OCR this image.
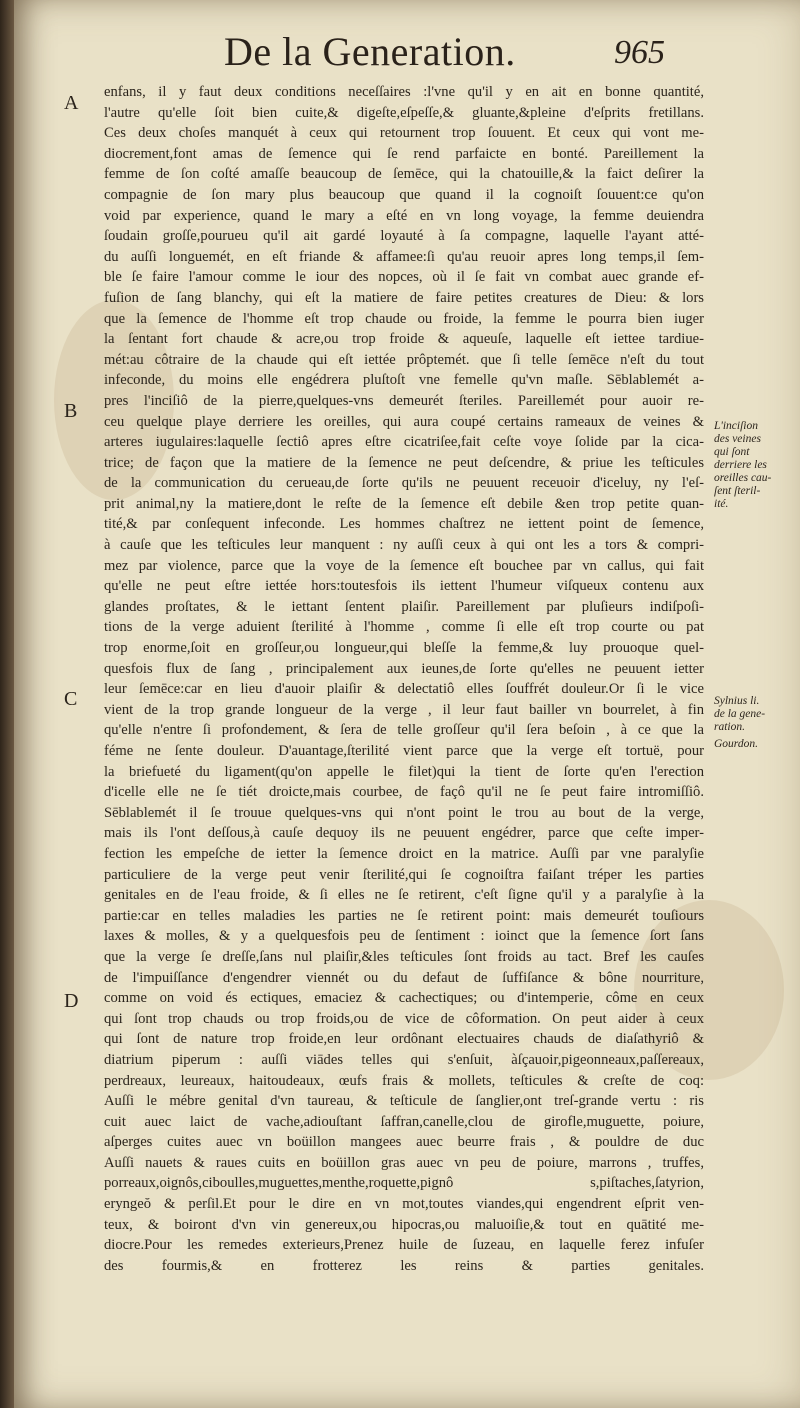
De la Generation.	965
A
B
C
D
enfans, il y faut deux conditions neceſſaires :l'vne qu'il y en ait en bonne quantité,
l'autre qu'elle ſoit bien cuite,& digeſte,eſpeſſe,& gluante,&pleine d'eſprits fretillans.
Ces deux choſes manquét à ceux qui retournent trop ſouuent. Et ceux qui vont me-
diocrement,font amas de ſemence qui ſe rend parfaicte en bonté. Pareillement la
femme de ſon coſté amaſſe beaucoup de ſemēce, qui la chatouille,& la faict deſirer la
compagnie de ſon mary plus beaucoup que quand il la cognoiſt ſouuent:ce qu'on
void par experience, quand le mary a eſté en vn long voyage, la femme deuiendra
ſoudain groſſe,pourueu qu'il ait gardé loyauté à ſa compagne, laquelle l'ayant atté-
du auſſi longuemét, en eſt friande & affamee:ſi qu'au reuoir apres long temps,il ſem-
ble ſe faire l'amour comme le iour des nopces, où il ſe fait vn combat auec grande ef-
fuſion de ſang blanchy, qui eſt la matiere de faire petites creatures de Dieu: & lors
que la ſemence de l'homme eſt trop chaude ou froide, la femme le pourra bien iuger
la ſentant fort chaude & acre,ou trop froide & aqueuſe, laquelle eſt iettee tardiue-
mét:au côtraire de la chaude qui eſt iettée prôptemét. que ſi telle ſemēce n'eſt du tout
infeconde, du moins elle engédrera pluſtoſt vne femelle qu'vn maſle. Sēblablemét a-
pres l'inciſiô de la pierre,quelques-vns demeurét ſteriles. Pareillemét pour auoir re-
ceu quelque playe derriere les oreilles, qui aura coupé certains rameaux de veines &
arteres iugulaires:laquelle ſectiô apres eſtre cicatriſee,fait ceſte voye ſolide par la cica-
trice; de façon que la matiere de la ſemence ne peut deſcendre, & priue les teſticules
de la communication du cerueau,de ſorte qu'ils ne peuuent receuoir d'iceluy, ny l'eſ-
prit animal,ny la matiere,dont le reſte de la ſemence eſt debile &en trop petite quan-
tité,& par conſequent infeconde. Les hommes chaſtrez ne iettent point de ſemence,
à cauſe que les teſticules leur manquent : ny auſſi ceux à qui ont les a tors & compri-
mez par violence, parce que la voye de la ſemence eſt bouchee par vn callus, qui fait
qu'elle ne peut eſtre iettée hors:toutesfois ils iettent l'humeur viſqueux contenu aux
glandes proſtates, & le iettant ſentent plaiſir. Pareillement par pluſieurs indiſpoſi-
tions de la verge aduient ſterilité à l'homme , comme ſi elle eſt trop courte ou pat
trop enorme,ſoit en groſſeur,ou longueur,qui bleſſe la femme,& luy prouoque quel-
quesfois flux de ſang , principalement aux ieunes,de ſorte qu'elles ne peuuent ietter
leur ſemēce:car en lieu d'auoir plaiſir & delectatiô elles ſouffrét douleur.Or ſi le vice
vient de la trop grande longueur de la verge , il leur faut bailler vn bourrelet, à fin
qu'elle n'entre ſi profondement, & ſera de telle groſſeur qu'il ſera beſoin , à ce que la
féme ne ſente douleur. D'auantage,ſterilité vient parce que la verge eſt tortuë, pour
la briefueté du ligament(qu'on appelle le filet)qui la tient de ſorte qu'en l'erection
d'icelle elle ne ſe tiét droicte,mais courbee, de façô qu'il ne ſe peut faire intromiſſiô.
Sēblablemét il ſe trouue quelques-vns qui n'ont point le trou au bout de la verge,
mais ils l'ont deſſous,à cauſe dequoy ils ne peuuent engédrer, parce que ceſte imper-
fection les empeſche de ietter la ſemence droict en la matrice. Auſſi par vne paralyſie
particuliere de la verge peut venir ſterilité,qui ſe cognoiſtra faiſant tréper les parties
genitales en de l'eau froide, & ſi elles ne ſe retirent, c'eſt ſigne qu'il y a paralyſie à la
partie:car en telles maladies les parties ne ſe retirent point: mais demeurét touſiours
laxes & molles, & y a quelquesfois peu de ſentiment : ioinct que la ſemence ſort ſans
que la verge ſe dreſſe,ſans nul plaiſir,&les teſticules ſont froids au tact. Bref les cauſes
de l'impuiſſance d'engendrer viennét ou du defaut de ſuffiſance & bône nourriture,
comme on void és ectiques, emaciez & cachectiques; ou d'intemperie, côme en ceux
qui ſont trop chauds ou trop froids,ou de vice de côformation. On peut aider à ceux
qui ſont de nature trop froide,en leur ordônant electuaires chauds de diaſathyriô &
diatrium piperum : auſſi viādes telles qui s'enſuit, àſçauoir,pigeonneaux,paſſereaux,
perdreaux, leureaux, haitoudeaux, œufs frais & mollets, teſticules & creſte de coq:
Auſſi le mébre genital d'vn taureau, & teſticule de ſanglier,ont treſ-grande vertu : ris
cuit auec laict de vache,adiouſtant ſaffran,canelle,clou de girofle,muguette, poiure,
aſperges cuites auec vn boüillon mangees auec beurre frais , & pouldre de duc
Auſſi nauets & raues cuits en boüillon gras auec vn peu de poiure, marrons , truffes,
porreaux,oignôs,ciboulles,muguettes,menthe,roquette,pignô s,piſtaches,ſatyrion,
eryngeŏ & perſil.Et pour le dire en vn mot,toutes viandes,qui engendrent eſprit ven-
teux, & boiront d'vn vin genereux,ou hipocras,ou maluoiſie,& tout en quātité me-
diocre.Pour les remedes exterieurs,Prenez huile de ſuzeau, en laquelle ferez infuſer
des fourmis,& en frotterez les reins & parties genitales.
L'inciſion
des veines
qui ſont
derriere les
oreilles cau-
ſent ſteril-
ité.
Sylnius li.
de la gene-
ration.
Gourdon.
